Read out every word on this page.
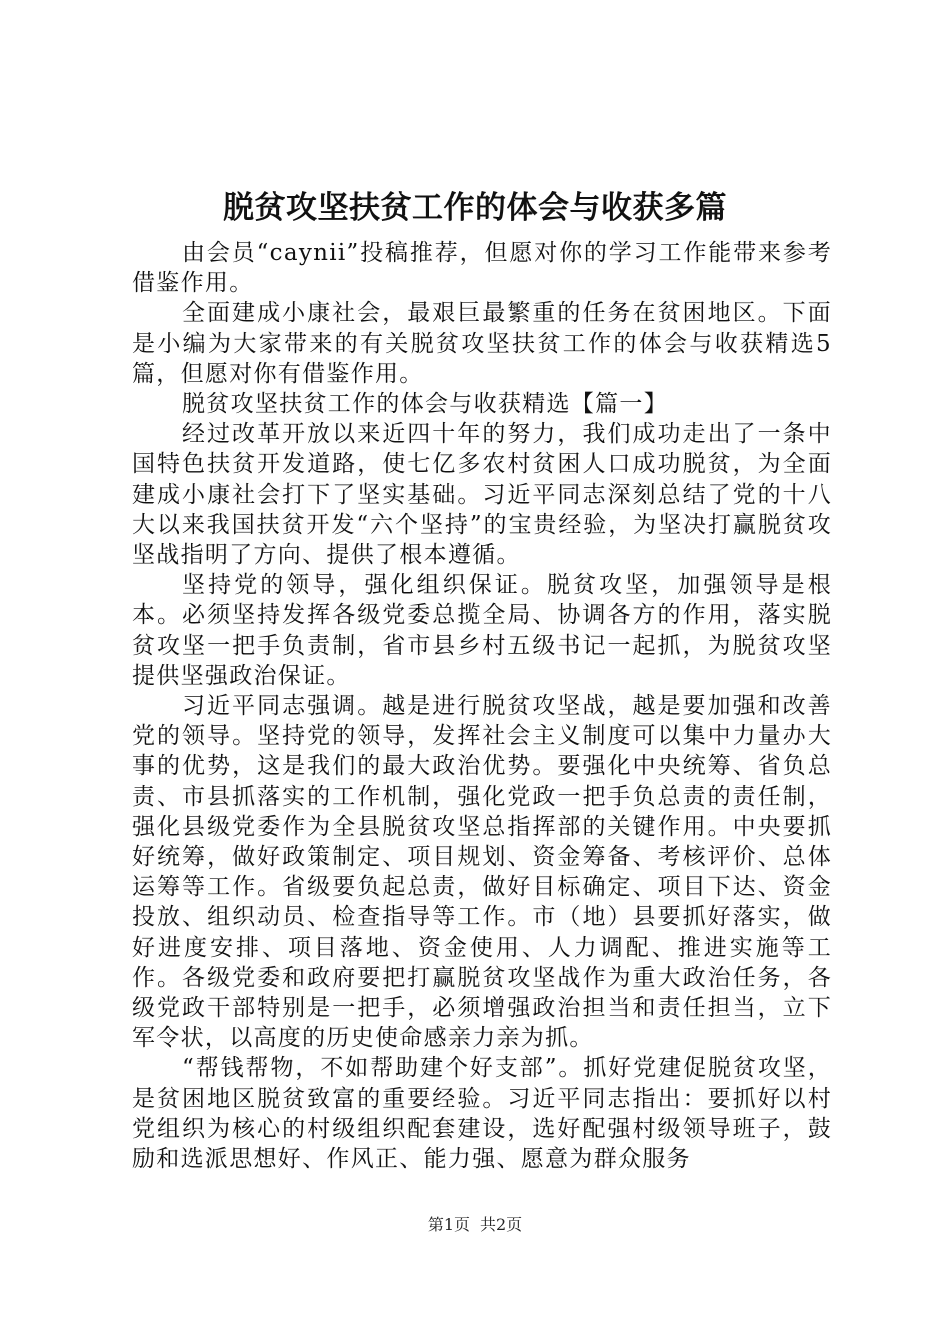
脱贫攻坚扶贫工作的体会与收获多篇

由会员“caynii”投稿推荐，但愿对你的学习工作能带来参考借鉴作用。

全面建成小康社会，最艰巨最繁重的任务在贫困地区。下面是小编为大家带来的有关脱贫攻坚扶贫工作的体会与收获精选5篇，但愿对你有借鉴作用。

脱贫攻坚扶贫工作的体会与收获精选【篇一】

经过改革开放以来近四十年的努力，我们成功走出了一条中国特色扶贫开发道路，使七亿多农村贫困人口成功脱贫，为全面建成小康社会打下了坚实基础。习近平同志深刻总结了党的十八大以来我国扶贫开发“六个坚持”的宝贵经验，为坚决打赢脱贫攻坚战指明了方向、提供了根本遵循。

坚持党的领导，强化组织保证。脱贫攻坚，加强领导是根本。必须坚持发挥各级党委总揽全局、协调各方的作用，落实脱贫攻坚一把手负责制，省市县乡村五级书记一起抓，为脱贫攻坚提供坚强政治保证。

习近平同志强调。越是进行脱贫攻坚战，越是要加强和改善党的领导。坚持党的领导，发挥社会主义制度可以集中力量办大事的优势，这是我们的最大政治优势。要强化中央统筹、省负总责、市县抓落实的工作机制，强化党政一把手负总责的责任制，强化县级党委作为全县脱贫攻坚总指挥部的关键作用。中央要抓好统筹，做好政策制定、项目规划、资金筹备、考核评价、总体运筹等工作。省级要负起总责，做好目标确定、项目下达、资金投放、组织动员、检查指导等工作。市（地）县要抓好落实，做好进度安排、项目落地、资金使用、人力调配、推进实施等工作。各级党委和政府要把打赢脱贫攻坚战作为重大政治任务，各级党政干部特别是一把手，必须增强政治担当和责任担当，立下军令状，以高度的历史使命感亲力亲为抓。

“帮钱帮物，不如帮助建个好支部”。抓好党建促脱贫攻坚，是贫困地区脱贫致富的重要经验。习近平同志指出：要抓好以村党组织为核心的村级组织配套建设，选好配强村级领导班子，鼓励和选派思想好、作风正、能力强、愿意为群众服务

第1页 共2页
